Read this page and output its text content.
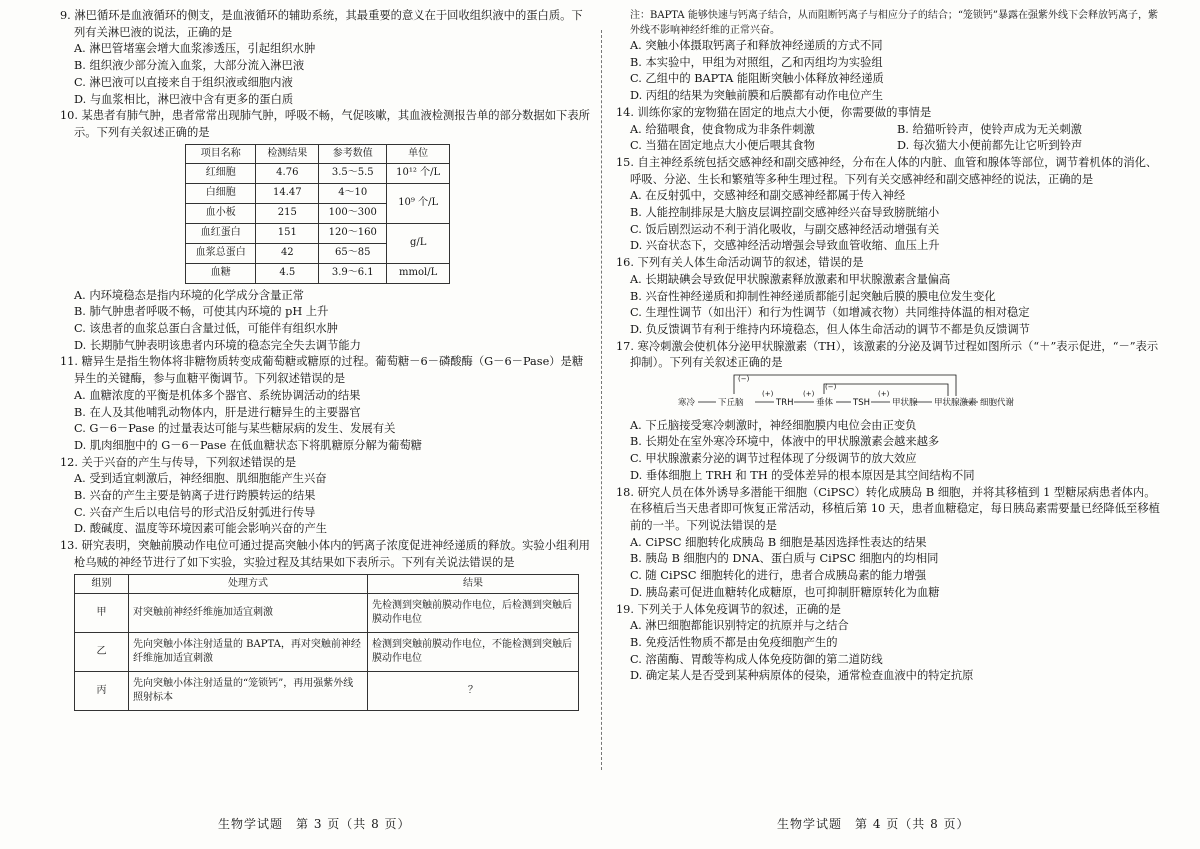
9. 淋巴循环是血液循环的侧支，是血液循环的辅助系统，其最重要的意义在于回收组织液中的蛋白质。下列有关淋巴液的说法，正确的是

A. 淋巴管堵塞会增大血浆渗透压，引起组织水肿

B. 组织液少部分流入血浆，大部分流入淋巴液

C. 淋巴液可以直接来自于组织液或细胞内液

D. 与血浆相比，淋巴液中含有更多的蛋白质

10. 某患者有肺气肿，患者常常出现肺气肿，呼吸不畅，气促咳嗽，其血液检测报告单的部分数据如下表所示。下列有关叙述正确的是

项目名称	检测结果	参考数值	单位
红细胞	4.76	3.5～5.5	10¹² 个/L
白细胞	14.47	4～10	10⁹ 个/L
血小板	215	100～300	
血红蛋白	151	120～160	g/L
血浆总蛋白	42	65～85	
血糖	4.5	3.9～6.1	mmol/L

A. 内环境稳态是指内环境的化学成分含量正常

B. 肺气肿患者呼吸不畅，可使其内环境的 pH 上升

C. 该患者的血浆总蛋白含量过低，可能伴有组织水肿

D. 长期肺气肿表明该患者内环境的稳态完全失去调节能力

11. 糖异生是指生物体将非糖物质转变成葡萄糖或糖原的过程。葡萄糖－6－磷酸酶（G－6－Pase）是糖异生的关键酶，参与血糖平衡调节。下列叙述错误的是

A. 血糖浓度的平衡是机体多个器官、系统协调活动的结果

B. 在人及其他哺乳动物体内，肝是进行糖异生的主要器官

C. G－6－Pase 的过量表达可能与某些糖尿病的发生、发展有关

D. 肌肉细胞中的 G－6－Pase 在低血糖状态下将肌糖原分解为葡萄糖

12. 关于兴奋的产生与传导，下列叙述错误的是

A. 受到适宜刺激后，神经细胞、肌细胞能产生兴奋

B. 兴奋的产生主要是钠离子进行跨膜转运的结果

C. 兴奋产生后以电信号的形式沿反射弧进行传导

D. 酸碱度、温度等环境因素可能会影响兴奋的产生

13. 研究表明，突触前膜动作电位可通过提高突触小体内的钙离子浓度促进神经递质的释放。实验小组利用枪乌贼的神经节进行了如下实验，实验过程及其结果如下表所示。下列有关说法错误的是

组别	处理方式	结果
甲	对突触前神经纤维施加适宜刺激	先检测到突触前膜动作电位，后检测到突触后膜动作电位
乙	先向突触小体注射适量的 BAPTA，再对突触前神经纤维施加适宜刺激	检测到突触前膜动作电位，不能检测到突触后膜动作电位
丙	先向突触小体注射适量的“笼锁钙”，再用强紫外线照射标本	？

注：BAPTA 能够快速与钙离子结合，从而阻断钙离子与相应分子的结合；“笼锁钙”暴露在强紫外线下会释放钙离子，紫外线不影响神经纤维的正常兴奋。

A. 突触小体摄取钙离子和释放神经递质的方式不同

B. 本实验中，甲组为对照组，乙和丙组均为实验组

C. 乙组中的 BAPTA 能阻断突触小体释放神经递质

D. 丙组的结果为突触前膜和后膜都有动作电位产生

14. 训练你家的宠物猫在固定的地点大小便，你需要做的事情是

A. 给猫喂食，使食物成为非条件刺激	B. 给猫听铃声，使铃声成为无关刺激
C. 当猫在固定地点大小便后喂其食物	D. 每次猫大小便前都先让它听到铃声

15. 自主神经系统包括交感神经和副交感神经，分布在人体的内脏、血管和腺体等部位，调节着机体的消化、呼吸、分泌、生长和繁殖等多种生理过程。下列有关交感神经和副交感神经的说法，正确的是

A. 在反射弧中，交感神经和副交感神经都属于传入神经

B. 人能控制排尿是大脑皮层调控副交感神经兴奋导致膀胱缩小

C. 饭后剧烈运动不利于消化吸收，与副交感神经活动增强有关

D. 兴奋状态下，交感神经活动增强会导致血管收缩、血压上升

16. 下列有关人体生命活动调节的叙述，错误的是

A. 长期缺碘会导致促甲状腺激素释放激素和甲状腺激素含量偏高

B. 兴奋性神经递质和抑制性神经递质都能引起突触后膜的膜电位发生变化

C. 生理性调节（如出汗）和行为性调节（如增减衣物）共同维持体温的相对稳定

D. 负反馈调节有利于维持内环境稳态，但人体生命活动的调节不都是负反馈调节

17. 寒冷刺激会使机体分泌甲状腺激素（TH），该激素的分泌及调节过程如图所示（“＋”表示促进，“－”表示抑制）。下列有关叙述正确的是

寒冷	下丘脑	TRH	垂体 TSH	甲状腺 甲状腺激素 细胞代谢
(+)	(+)	(+)
(−)
(−)

A. 下丘脑接受寒冷刺激时，神经细胞膜内电位会由正变负

B. 长期处在室外寒冷环境中，体液中的甲状腺激素会越来越多

C. 甲状腺激素分泌的调节过程体现了分级调节的放大效应

D. 垂体细胞上 TRH 和 TH 的受体差异的根本原因是其空间结构不同

18. 研究人员在体外诱导多潜能干细胞（CiPSC）转化成胰岛 B 细胞，并将其移植到 1 型糖尿病患者体内。在移植后当天患者即可恢复正常活动，移植后第 10 天，患者血糖稳定，每日胰岛素需要量已经降低至移植前的一半。下列说法错误的是

A. CiPSC 细胞转化成胰岛 B 细胞是基因选择性表达的结果

B. 胰岛 B 细胞内的 DNA、蛋白质与 CiPSC 细胞内的均相同

C. 随 CiPSC 细胞转化的进行，患者合成胰岛素的能力增强

D. 胰岛素可促进血糖转化成糖原，也可抑制肝糖原转化为血糖

19. 下列关于人体免疫调节的叙述，正确的是

A. 淋巴细胞都能识别特定的抗原并与之结合

B. 免疫活性物质不都是由免疫细胞产生的

C. 溶菌酶、胃酸等构成人体免疫防御的第二道防线

D. 确定某人是否受到某种病原体的侵染，通常检查血液中的特定抗原

生物学试题　第 3 页（共 8 页）	生物学试题　第 4 页（共 8 页）
